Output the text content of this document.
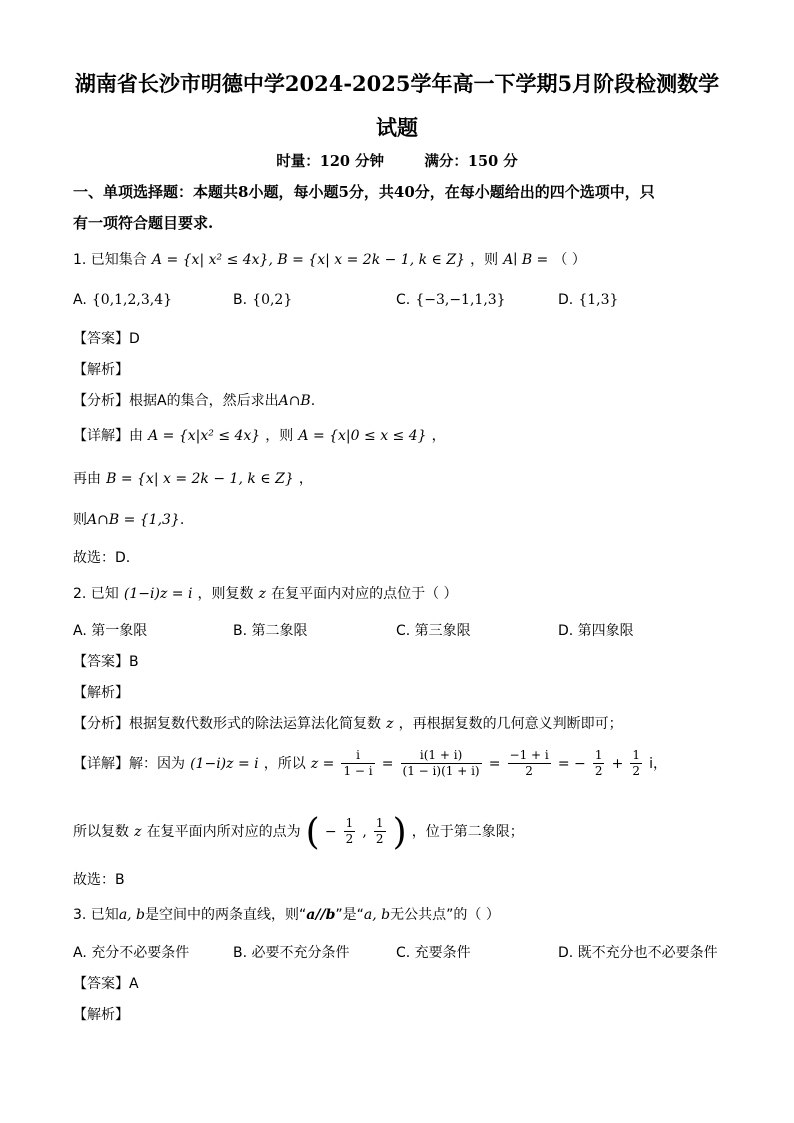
湖南省长沙市明德中学2024-2025学年高一下学期5月阶段检测数学
试题
时量：120 分钟        满分：150 分
一、单项选择题：本题共8小题，每小题5分，共40分，在每小题给出的四个选项中，只
有一项符合题目要求.
1. 已知集合 A = {x| x² ≤ 4x}, B = {x| x = 2k − 1, k ∈ Z} ，则 A∣ B = （ ）
A. {0,1,2,3,4}	B. {0,2}	C. {−3,−1,1,3}	D. {1,3}
【答案】D
【解析】
【分析】根据A的集合，然后求出A∩B.
【详解】由 A = {x|x² ≤ 4x} ，则 A = {x|0 ≤ x ≤ 4} ，
再由 B = {x| x = 2k − 1, k ∈ Z} ，
则A∩B = {1,3}.
故选：D.
2. 已知 (1−i)z = i ，则复数 z 在复平面内对应的点位于（ ）
A. 第一象限	B. 第二象限	C. 第三象限	D. 第四象限
【答案】B
【解析】
【分析】根据复数代数形式的除法运算法化简复数 z ，再根据复数的几何意义判断即可；
【详解】解：因为 (1−i)z = i ，所以 $z = \frac{i}{1 - i} = \frac{i(1 + i)}{(1 - i)(1 + i)} = \frac{-1 + i}{2}$ = − $\frac{1}{2} + \frac{1}{2}$ i，
所以复数 z 在复平面内所对应的点为 ( − $\frac{1}{2}$ , $\frac{1}{2}$ ) ，位于第二象限；
故选：B
3. 已知a, b是空间中的两条直线，则“a//b”是“a, b无公共点”的（ ）
A. 充分不必要条件	B. 必要不充分条件	C. 充要条件	D. 既不充分也不必要条件
【答案】A
【解析】
